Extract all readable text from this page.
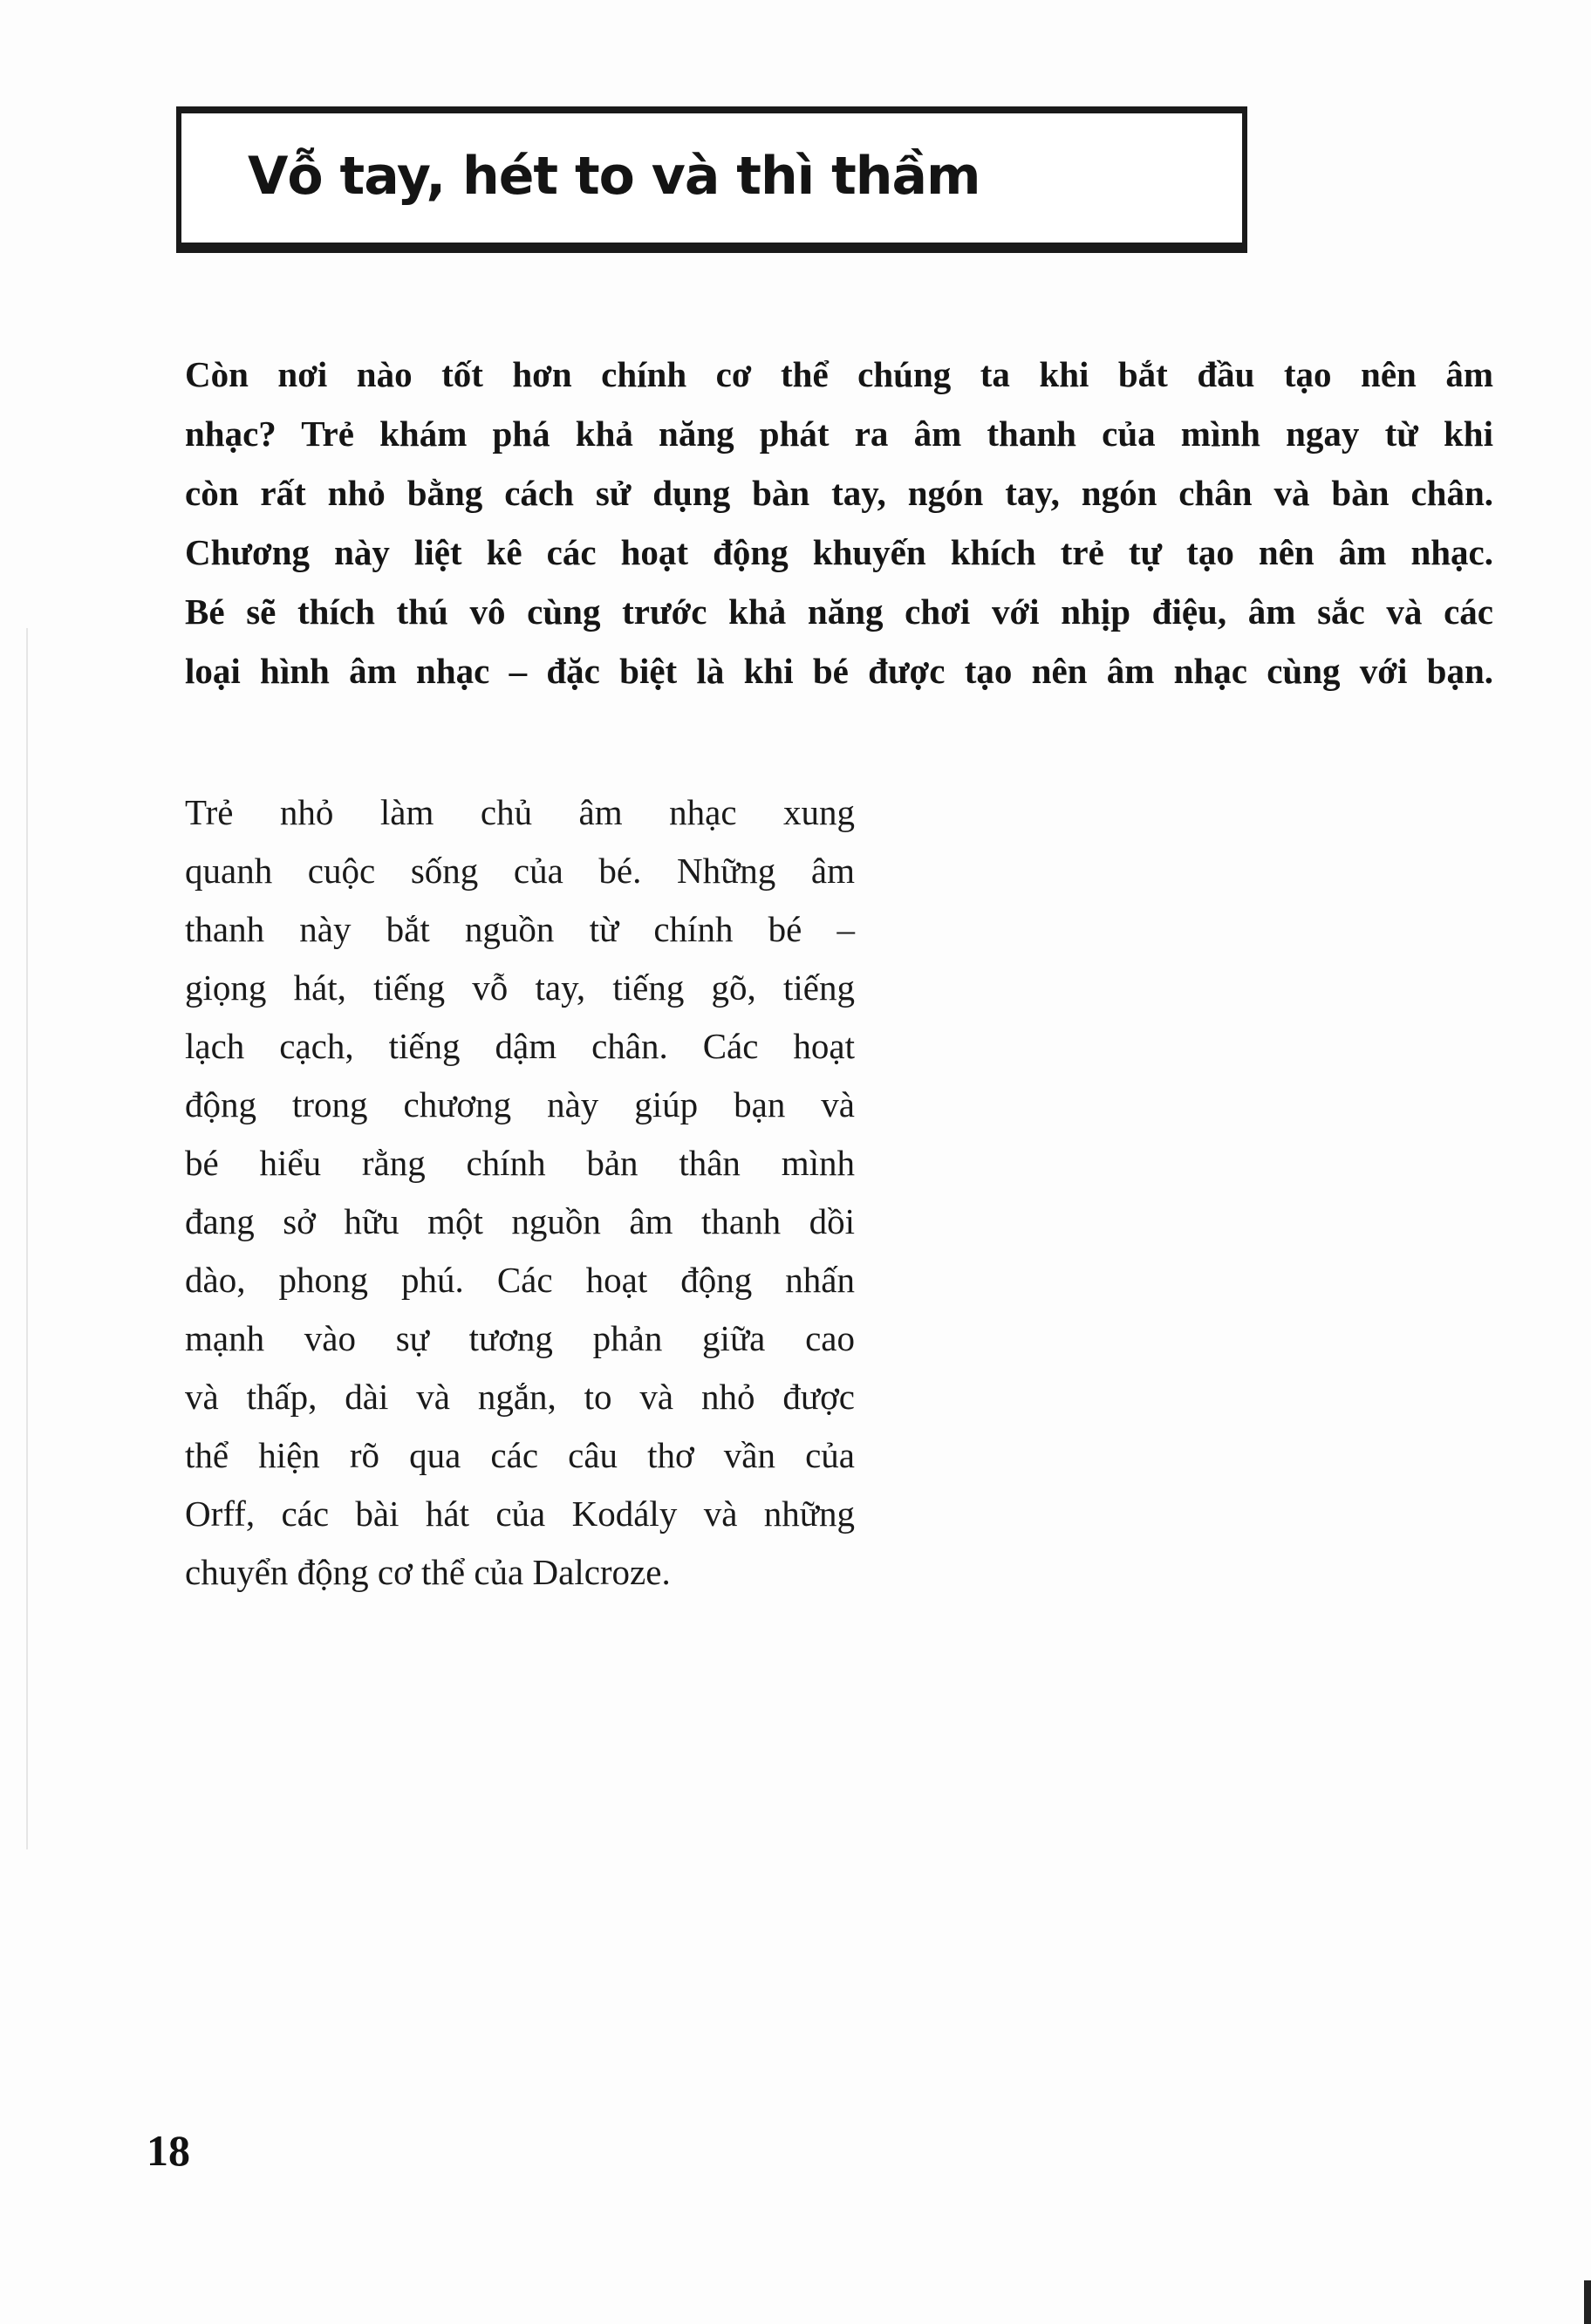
Vỗ tay, hét to và thì thầm
Còn nơi nào tốt hơn chính cơ thể chúng ta khi bắt đầu tạo nên âm
nhạc? Trẻ khám phá khả năng phát ra âm thanh của mình ngay từ khi
còn rất nhỏ bằng cách sử dụng bàn tay, ngón tay, ngón chân và bàn chân.
Chương này liệt kê các hoạt động khuyến khích trẻ tự tạo nên âm nhạc.
Bé sẽ thích thú vô cùng trước khả năng chơi với nhịp điệu, âm sắc và các
loại hình âm nhạc – đặc biệt là khi bé được tạo nên âm nhạc cùng với bạn.
Trẻ nhỏ làm chủ âm nhạc xung
quanh cuộc sống của bé. Những âm
thanh này bắt nguồn từ chính bé –
giọng hát, tiếng vỗ tay, tiếng gõ, tiếng
lạch cạch, tiếng dậm chân. Các hoạt
động trong chương này giúp bạn và
bé hiểu rằng chính bản thân mình
đang sở hữu một nguồn âm thanh dồi
dào, phong phú. Các hoạt động nhấn
mạnh vào sự tương phản giữa cao
và thấp, dài và ngắn, to và nhỏ được
thể hiện rõ qua các câu thơ vần của
Orff, các bài hát của Kodály và những
chuyển động cơ thể của Dalcroze.
18
